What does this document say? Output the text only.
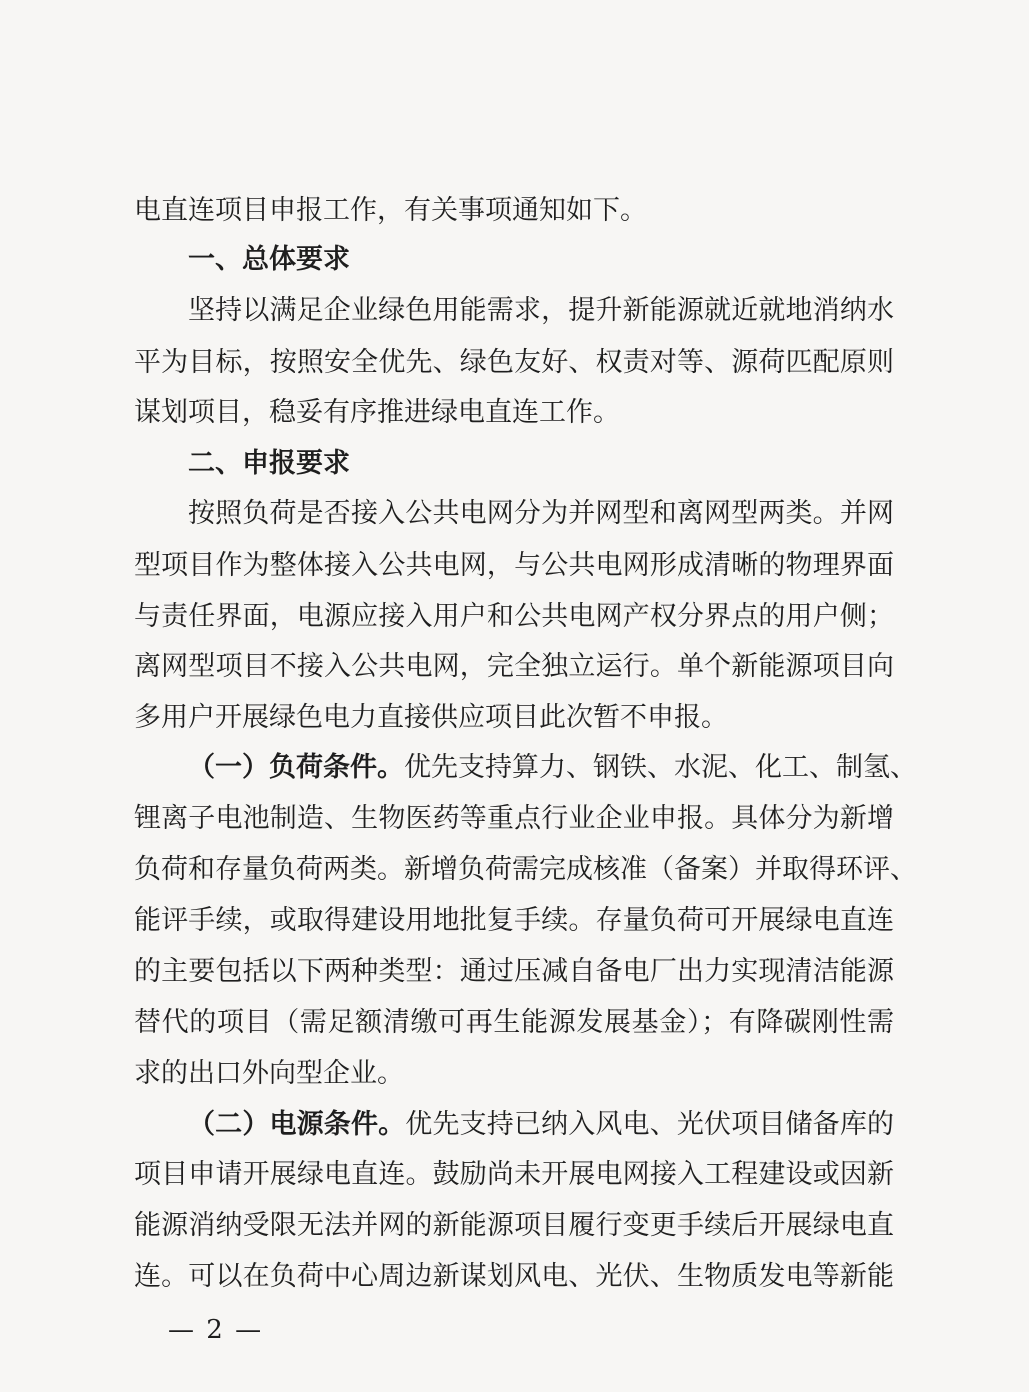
电直连项目申报工作，有关事项通知如下。
一、总体要求
坚持以满足企业绿色用能需求，提升新能源就近就地消纳水
平为目标，按照安全优先、绿色友好、权责对等、源荷匹配原则
谋划项目，稳妥有序推进绿电直连工作。
二、申报要求
按照负荷是否接入公共电网分为并网型和离网型两类。并网
型项目作为整体接入公共电网，与公共电网形成清晰的物理界面
与责任界面，电源应接入用户和公共电网产权分界点的用户侧；
离网型项目不接入公共电网，完全独立运行。单个新能源项目向
多用户开展绿色电力直接供应项目此次暂不申报。
（一）负荷条件。优先支持算力、钢铁、水泥、化工、制氢、
锂离子电池制造、生物医药等重点行业企业申报。具体分为新增
负荷和存量负荷两类。新增负荷需完成核准（备案）并取得环评、
能评手续，或取得建设用地批复手续。存量负荷可开展绿电直连
的主要包括以下两种类型：通过压减自备电厂出力实现清洁能源
替代的项目（需足额清缴可再生能源发展基金）；有降碳刚性需
求的出口外向型企业。
（二）电源条件。优先支持已纳入风电、光伏项目储备库的
项目申请开展绿电直连。鼓励尚未开展电网接入工程建设或因新
能源消纳受限无法并网的新能源项目履行变更手续后开展绿电直
连。可以在负荷中心周边新谋划风电、光伏、生物质发电等新能
— 2 —
